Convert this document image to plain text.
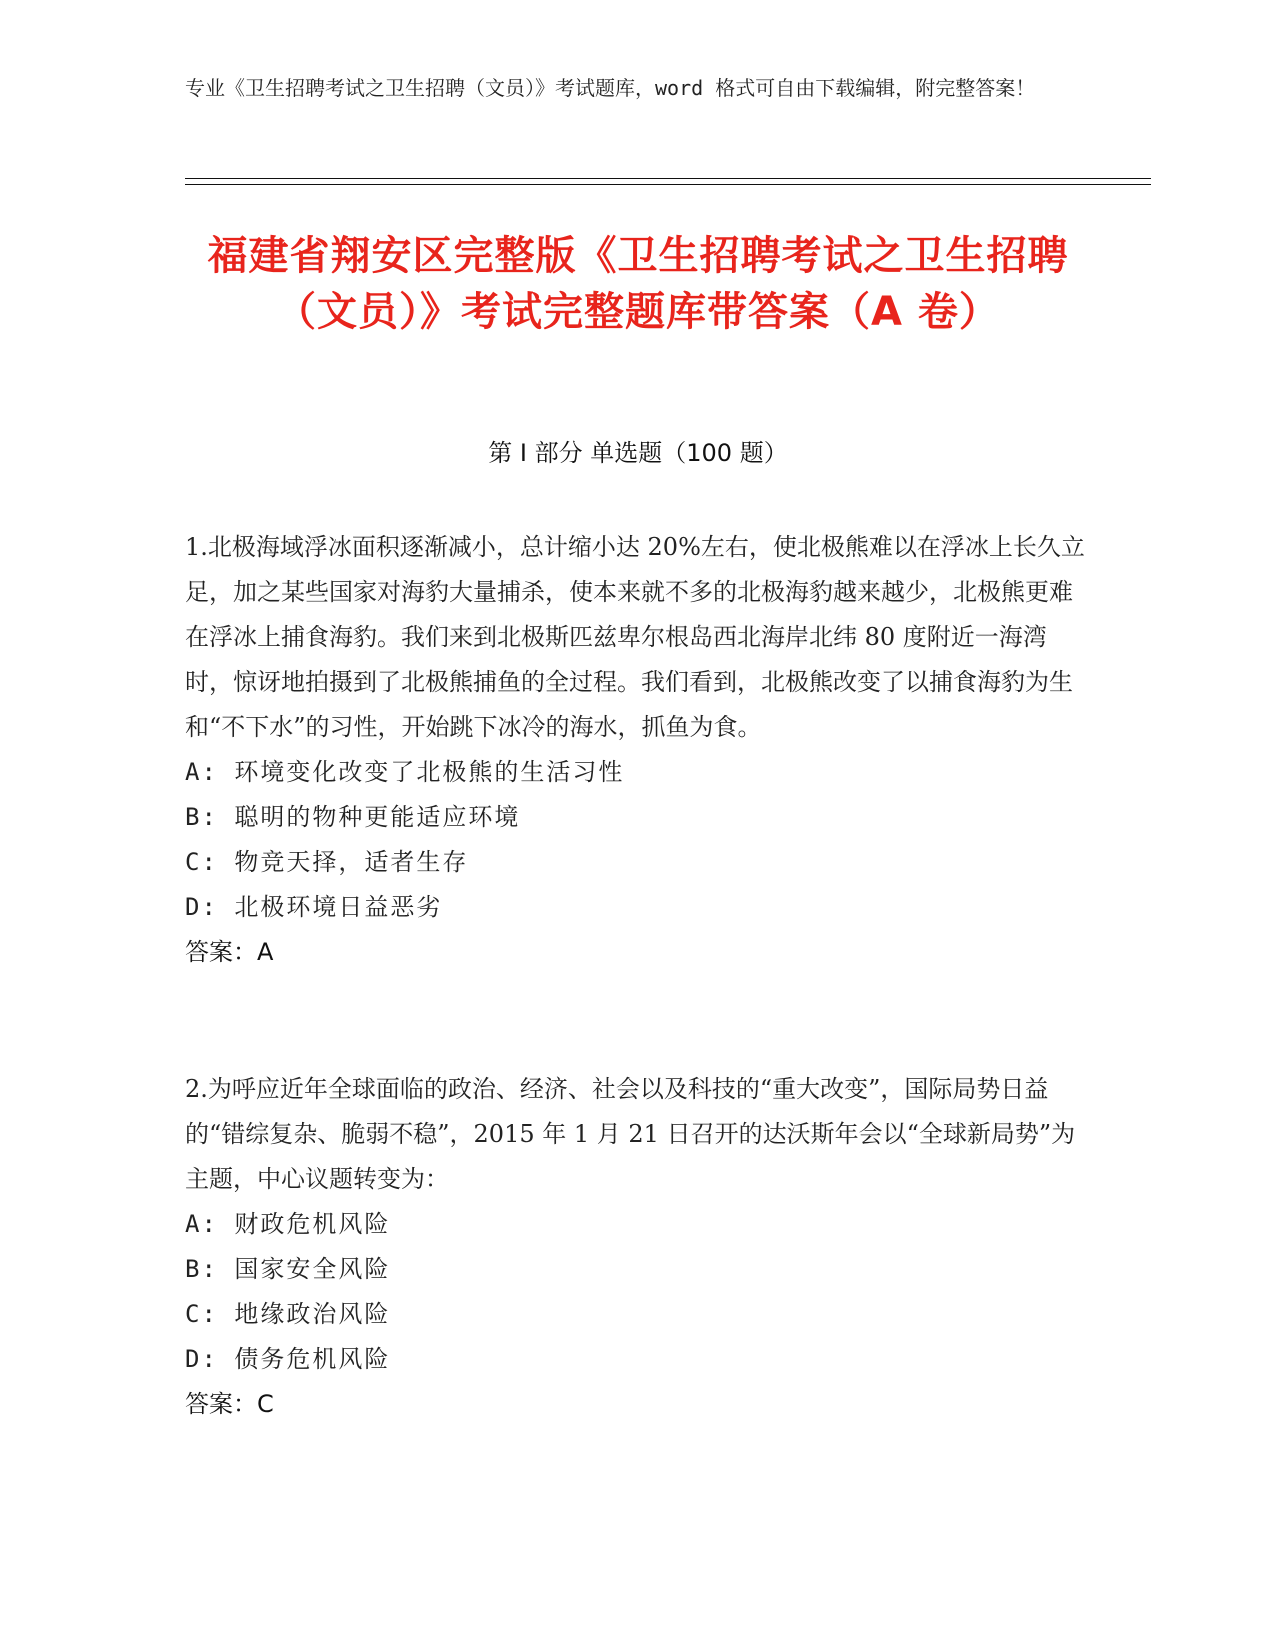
专业《卫生招聘考试之卫生招聘（文员）》考试题库，word 格式可自由下载编辑，附完整答案！
福建省翔安区完整版《卫生招聘考试之卫生招聘（文员）》考试完整题库带答案（A 卷）
第 I 部分 单选题（100 题）

1.北极海域浮冰面积逐渐减小，总计缩小达 20%左右，使北极熊难以在浮冰上长久立足，加之某些国家对海豹大量捕杀，使本来就不多的北极海豹越来越少，北极熊更难在浮冰上捕食海豹。我们来到北极斯匹兹卑尔根岛西北海岸北纬 80 度附近一海湾时，惊讶地拍摄到了北极熊捕鱼的全过程。我们看到，北极熊改变了以捕食海豹为生和“不下水”的习性，开始跳下冰冷的海水，抓鱼为食。

A: 环境变化改变了北极熊的生活习性

B: 聪明的物种更能适应环境

C: 物竞天择，适者生存

D: 北极环境日益恶劣

答案：A

2.为呼应近年全球面临的政治、经济、社会以及科技的“重大改变”，国际局势日益的“错综复杂、脆弱不稳”，2015 年 1 月 21 日召开的达沃斯年会以“全球新局势”为主题，中心议题转变为：

A: 财政危机风险

B: 国家安全风险

C: 地缘政治风险

D: 债务危机风险

答案：C
